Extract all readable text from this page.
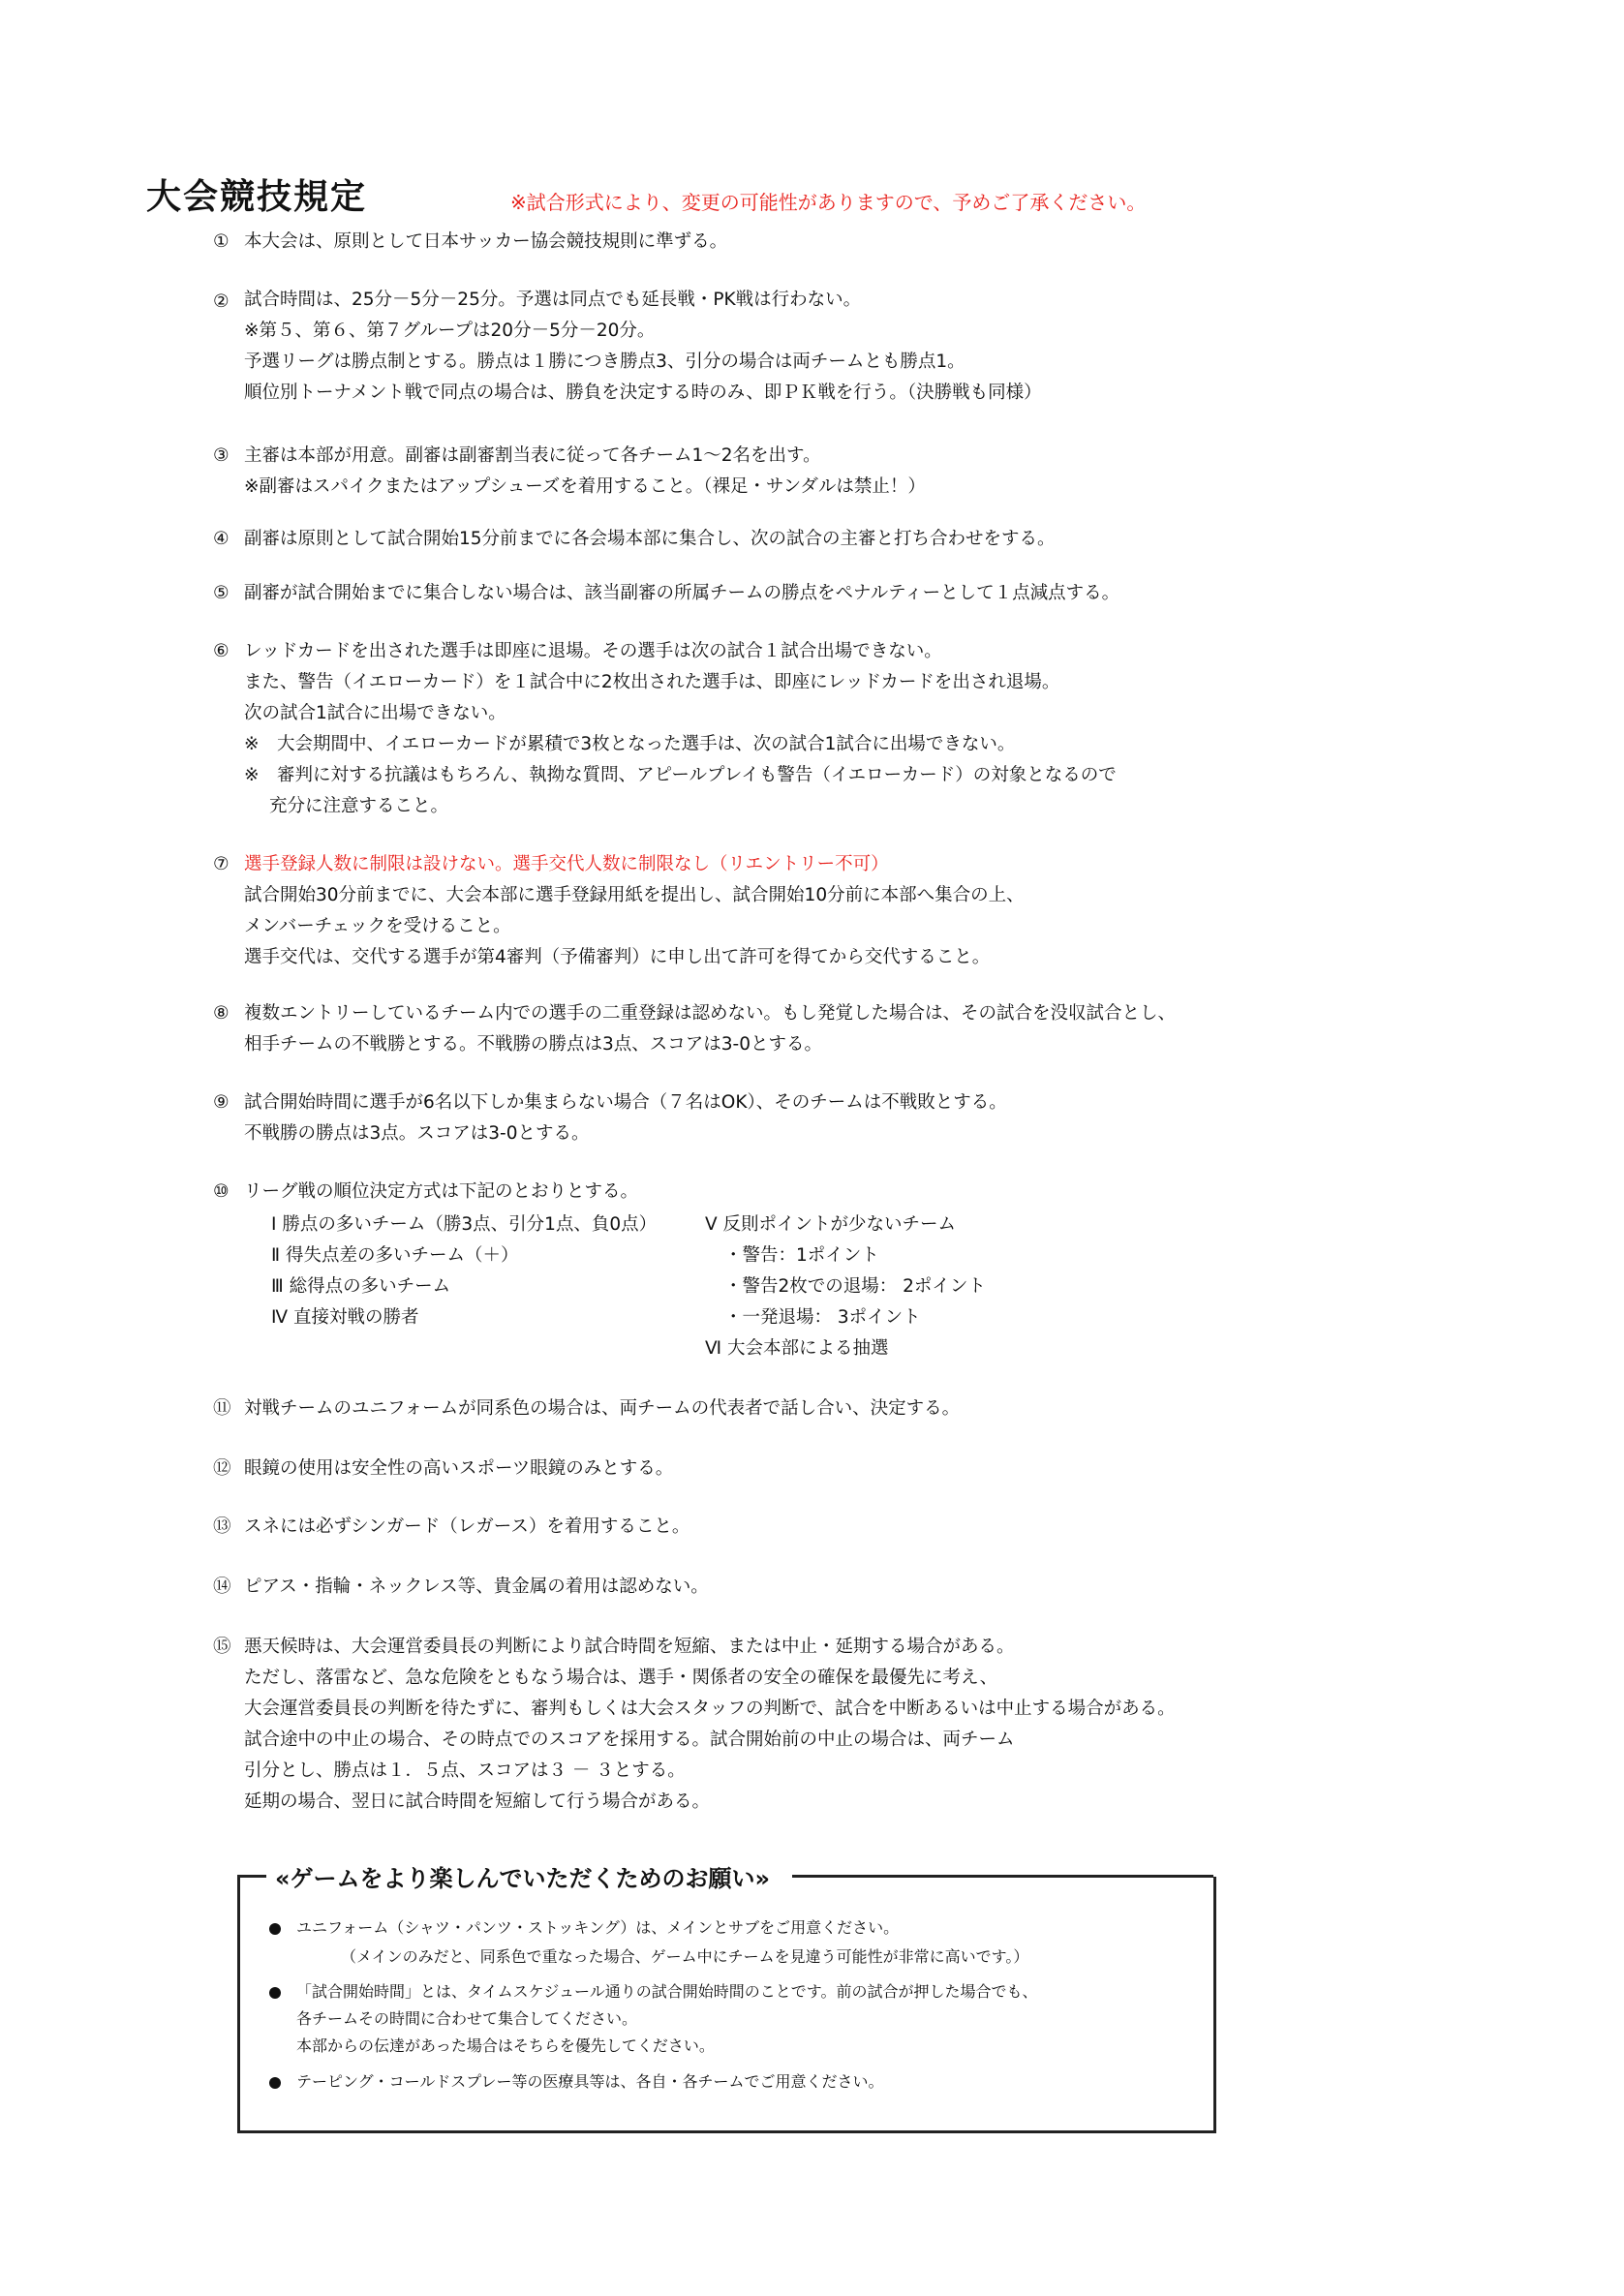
大会競技規定	※試合形式により、変更の可能性がありますので、予めご了承ください。
① 本大会は、原則として日本サッカー協会競技規則に準ずる。
② 試合時間は、25分－5分－25分。予選は同点でも延長戦・PK戦は行わない。
※第５、第６、第７グループは20分－5分－20分。
予選リーグは勝点制とする。勝点は１勝につき勝点3、引分の場合は両チームとも勝点1。
順位別トーナメント戦で同点の場合は、勝負を決定する時のみ、即ＰＫ戦を行う。（決勝戦も同様）
③ 主審は本部が用意。副審は副審割当表に従って各チーム1～2名を出す。
※副審はスパイクまたはアップシューズを着用すること。（裸足・サンダルは禁止！）
④ 副審は原則として試合開始15分前までに各会場本部に集合し、次の試合の主審と打ち合わせをする。
⑤ 副審が試合開始までに集合しない場合は、該当副審の所属チームの勝点をペナルティーとして１点減点する。
⑥ レッドカードを出された選手は即座に退場。その選手は次の試合１試合出場できない。
また、警告（イエローカード）を１試合中に2枚出された選手は、即座にレッドカードを出され退場。
次の試合1試合に出場できない。
※　大会期間中、イエローカードが累積で3枚となった選手は、次の試合1試合に出場できない。
※　審判に対する抗議はもちろん、執拗な質問、アピールプレイも警告（イエローカード）の対象となるので
充分に注意すること。
⑦ 選手登録人数に制限は設けない。選手交代人数に制限なし（リエントリー不可）
試合開始30分前までに、大会本部に選手登録用紙を提出し、試合開始10分前に本部へ集合の上、
メンバーチェックを受けること。
選手交代は、交代する選手が第4審判（予備審判）に申し出て許可を得てから交代すること。
⑧ 複数エントリーしているチーム内での選手の二重登録は認めない。もし発覚した場合は、その試合を没収試合とし、
相手チームの不戦勝とする。不戦勝の勝点は3点、スコアは3-0とする。
⑨ 試合開始時間に選手が6名以下しか集まらない場合（７名はOK）、そのチームは不戦敗とする。
不戦勝の勝点は3点。スコアは3-0とする。
⑩ リーグ戦の順位決定方式は下記のとおりとする。
Ⅰ 勝点の多いチーム（勝3点、引分1点、負0点）
Ⅱ 得失点差の多いチーム（＋）
Ⅲ 総得点の多いチーム
Ⅳ 直接対戦の勝者
Ⅴ 反則ポイントが少ないチーム
・警告：1ポイント
・警告2枚での退場： 2ポイント
・一発退場： 3ポイント
Ⅵ 大会本部による抽選
⑪ 対戦チームのユニフォームが同系色の場合は、両チームの代表者で話し合い、決定する。
⑫ 眼鏡の使用は安全性の高いスポーツ眼鏡のみとする。
⑬ スネには必ずシンガード（レガース）を着用すること。
⑭ ピアス・指輪・ネックレス等、貴金属の着用は認めない。
⑮ 悪天候時は、大会運営委員長の判断により試合時間を短縮、または中止・延期する場合がある。
ただし、落雷など、急な危険をともなう場合は、選手・関係者の安全の確保を最優先に考え、
大会運営委員長の判断を待たずに、審判もしくは大会スタッフの判断で、試合を中断あるいは中止する場合がある。
試合途中の中止の場合、その時点でのスコアを採用する。試合開始前の中止の場合は、両チーム
引分とし、勝点は１．５点、スコアは３ － ３とする。
延期の場合、翌日に試合時間を短縮して行う場合がある。
«ゲームをより楽しんでいただくためのお願い»
ユニフォーム（シャツ・パンツ・ストッキング）は、メインとサブをご用意ください。
（メインのみだと、同系色で重なった場合、ゲーム中にチームを見違う可能性が非常に高いです。）
「試合開始時間」とは、タイムスケジュール通りの試合開始時間のことです。前の試合が押した場合でも、
各チームその時間に合わせて集合してください。
本部からの伝達があった場合はそちらを優先してください。
テーピング・コールドスプレー等の医療具等は、各自・各チームでご用意ください。
